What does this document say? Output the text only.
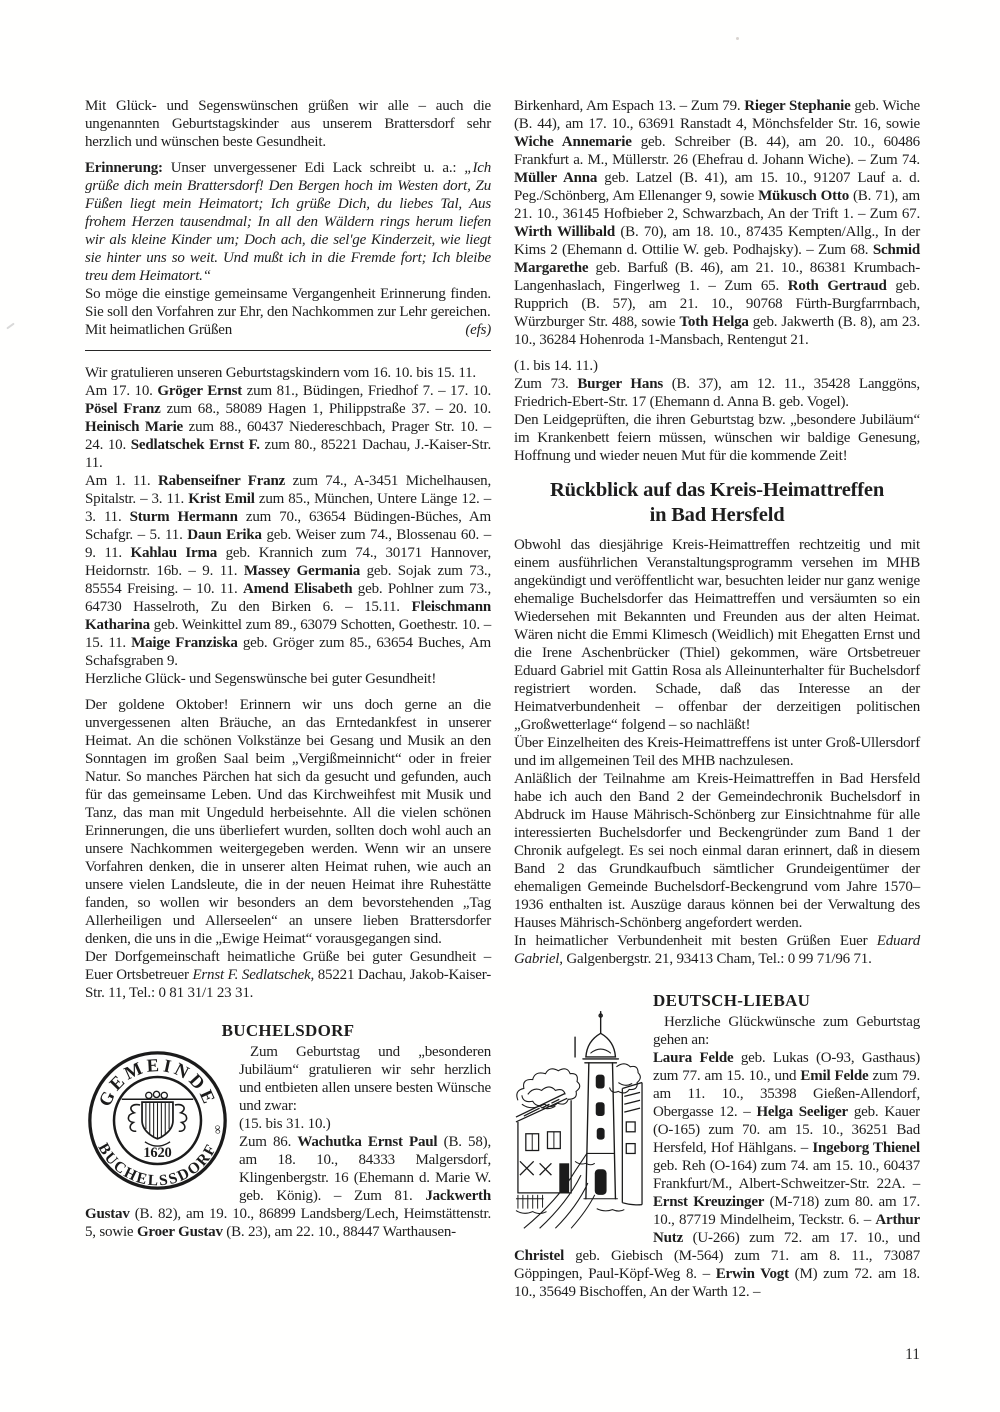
Mit Glück- und Segenswünschen grüßen wir alle – auch die ungenannten Geburtstagskinder aus unserem Brattersdorf sehr herzlich und wünschen beste Gesundheit.

Erinnerung: Unser unvergessener Edi Lack schreibt u. a.: „Ich grüße dich mein Brattersdorf! Den Bergen hoch im Westen dort, Zu Füßen liegt mein Heimatort; Ich grüße Dich, du liebes Tal, Aus frohem Herzen tausendmal; In all den Wäldern rings herum liefen wir als kleine Kinder um; Doch ach, die sel'ge Kinderzeit, wie liegt sie hinter uns so weit. Und mußt ich in die Fremde fort; Ich bleibe treu dem Heimatort.“

So möge die einstige gemeinsame Vergangenheit Erinnerung finden. Sie soll den Vorfahren zur Ehr, den Nachkommen zur Lehr gereichen.

Mit heimatlichen Grüßen	(efs)

Wir gratulieren unseren Geburtstagskindern vom 16. 10. bis 15. 11.

Am 17. 10. Gröger Ernst zum 81., Büdingen, Friedhof 7. – 17. 10. Pösel Franz zum 68., 58089 Hagen 1, Philippstraße 37. – 20. 10. Heinisch Marie zum 88., 60437 Niedereschbach, Prager Str. 10. – 24. 10. Sedlatschek Ernst F. zum 80., 85221 Dachau, J.-Kaiser-Str. 11.

Am 1. 11. Rabenseifner Franz zum 74., A-3451 Michelhausen, Spitalstr. – 3. 11. Krist Emil zum 85., München, Untere Länge 12. – 3. 11. Sturm Hermann zum 70., 63654 Büdingen-Büches, Am Schafgr. – 5. 11. Daun Erika geb. Weiser zum 74., Blossenau 60. – 9. 11. Kahlau Irma geb. Krannich zum 74., 30171 Hannover, Heidornstr. 16b. – 9. 11. Massey Germania geb. Sojak zum 73., 85554 Freising. – 10. 11. Amend Elisabeth geb. Pohlner zum 73., 64730 Hasselroth, Zu den Birken 6. – 15.11. Fleischmann Katharina geb. Weinkittel zum 89., 63079 Schotten, Goethestr. 10. – 15. 11. Maige Franziska geb. Gröger zum 85., 63654 Buches, Am Schafsgraben 9.

Herzliche Glück- und Segenswünsche bei guter Gesundheit!

Der goldene Oktober! Erinnern wir uns doch gerne an die unvergessenen alten Bräuche, an das Erntedankfest in unserer Heimat. An die schönen Volkstänze bei Gesang und Musik an den Sonntagen im großen Saal beim „Vergißmeinnicht“ oder in freier Natur. So manches Pärchen hat sich da gesucht und gefunden, auch für das gemeinsame Leben. Und das Kirchweihfest mit Musik und Tanz, das man mit Ungeduld herbeisehnte. All die vielen schönen Erinnerungen, die uns überliefert wurden, sollten doch wohl auch an unsere Nachkommen weitergegeben werden. Wenn wir an unsere Vorfahren denken, die in unserer alten Heimat ruhen, wie auch an unsere vielen Landsleute, die in der neuen Heimat ihre Ruhestätte fanden, so wollen wir besonders an dem bevorstehenden „Tag Allerheiligen und Allerseelen“ an unsere lieben Brattersdorfer denken, die uns in die „Ewige Heimat“ vorausgegangen sind.

Der Dorfgemeinschaft heimatliche Grüße bei guter Gesundheit – Euer Ortsbetreuer Ernst F. Sedlatschek, 85221 Dachau, Jakob-Kaiser-Str. 11, Tel.: 0 81 31/1 23 31.

BUCHELSDORF
GEMEINDE
BUCHELSSDORF
∞
1620

Zum Geburtstag und „besonderen Jubiläum“ gratulieren wir sehr herzlich und entbieten allen unsere besten Wünsche und zwar:

(15. bis 31. 10.)

Zum 86. Wachutka Ernst Paul (B. 58), am 18. 10., 84333 Malgersdorf, Klingenbergstr. 16 (Ehemann d. Marie W. geb. König). – Zum 81. Jackwerth Gustav (B. 82), am 19. 10., 86899 Landsberg/Lech, Heimstättenstr. 5, sowie Groer Gustav (B. 23), am 22. 10., 88447 Warthausen-

Birkenhard, Am Espach 13. – Zum 79. Rieger Stephanie geb. Wiche (B. 44), am 17. 10., 63691 Ranstadt 4, Mönchsfelder Str. 16, sowie Wiche Annemarie geb. Schreiber (B. 44), am 20. 10., 60486 Frankfurt a. M., Müllerstr. 26 (Ehefrau d. Johann Wiche). – Zum 74. Müller Anna geb. Latzel (B. 41), am 15. 10., 91207 Lauf a. d. Peg./Schönberg, Am Ellenanger 9, sowie Mükusch Otto (B. 71), am 21. 10., 36145 Hofbieber 2, Schwarzbach, An der Trift 1. – Zum 67. Wirth Willibald (B. 70), am 18. 10., 87435 Kempten/Allg., In der Kims 2 (Ehemann d. Ottilie W. geb. Podhajsky). – Zum 68. Schmid Margarethe geb. Barfuß (B. 46), am 21. 10., 86381 Krumbach-Langenhaslach, Fingerlweg 1. – Zum 65. Roth Gertraud geb. Rupprich (B. 57), am 21. 10., 90768 Fürth-Burgfarrnbach, Würzburger Str. 488, sowie Toth Helga geb. Jakwerth (B. 8), am 23. 10., 36284 Hohenroda 1-Mansbach, Rentengut 21.

(1. bis 14. 11.)

Zum 73. Burger Hans (B. 37), am 12. 11., 35428 Langgöns, Friedrich-Ebert-Str. 17 (Ehemann d. Anna B. geb. Vogel).

Den Leidgeprüften, die ihren Geburtstag bzw. „besondere Jubiläum“ im Krankenbett feiern müssen, wünschen wir baldige Genesung, Hoffnung und wieder neuen Mut für die kommende Zeit!

Rückblick auf das Kreis-Heimattreffen
in Bad Hersfeld

Obwohl das diesjährige Kreis-Heimattreffen rechtzeitig und mit einem ausführlichen Veranstaltungsprogramm versehen im MHB angekündigt und veröffentlicht war, besuchten leider nur ganz wenige ehemalige Buchelsdorfer das Heimattreffen und versäumten so ein Wiedersehen mit Bekannten und Freunden aus der alten Heimat. Wären nicht die Emmi Klimesch (Weidlich) mit Ehegatten Ernst und die Irene Aschenbrücker (Thiel) gekommen, wäre Ortsbetreuer Eduard Gabriel mit Gattin Rosa als Alleinunterhalter für Buchelsdorf registriert worden. Schade, daß das Interesse an der Heimatverbundenheit – offenbar der derzeitigen politischen „Großwetterlage“ folgend – so nachläßt!

Über Einzelheiten des Kreis-Heimattreffens ist unter Groß-Ullersdorf und im allgemeinen Teil des MHB nachzulesen.

Anläßlich der Teilnahme am Kreis-Heimattreffen in Bad Hersfeld habe ich auch den Band 2 der Gemeindechronik Buchelsdorf in Abdruck im Hause Mährisch-Schönberg zur Einsichtnahme für alle interessierten Buchelsdorfer und Beckengründer zum Band 1 der Chronik aufgelegt. Es sei noch einmal daran erinnert, daß in diesem Band 2 das Grundkaufbuch sämtlicher Grundeigentümer der ehemaligen Gemeinde Buchelsdorf-Beckengrund vom Jahre 1570–1936 enthalten ist. Auszüge daraus können bei der Verwaltung des Hauses Mährisch-Schönberg angefordert werden.

In heimatlicher Verbundenheit mit besten Grüßen Euer Eduard Gabriel, Galgenbergstr. 21, 93413 Cham, Tel.: 0 99 71/96 71.

DEUTSCH-LIEBAU

Herzliche Glückwünsche zum Geburtstag gehen an:

Laura Felde geb. Lukas (O-93, Gasthaus) zum 77. am 15. 10., und Emil Felde zum 79. am 11. 10., 35398 Gießen-Allendorf, Obergasse 12. – Helga Seeliger geb. Kauer (O-165) zum 70. am 15. 10., 36251 Bad Hersfeld, Hof Hählgans. – Ingeborg Thienel geb. Reh (O-164) zum 74. am 15. 10., 60437 Frankfurt/M., Albert-Schweitzer-Str. 22A. – Ernst Kreuzinger (M-718) zum 80. am 17. 10., 87719 Mindelheim, Teckstr. 6. – Arthur Nutz (U-266) zum 72. am 17. 10., und Christel geb. Giebisch (M-564) zum 71. am 8. 11., 73087 Göppingen, Paul-Köpf-Weg 8. – Erwin Vogt (M) zum 72. am 18. 10., 35649 Bischoffen, An der Warth 12. –

11
